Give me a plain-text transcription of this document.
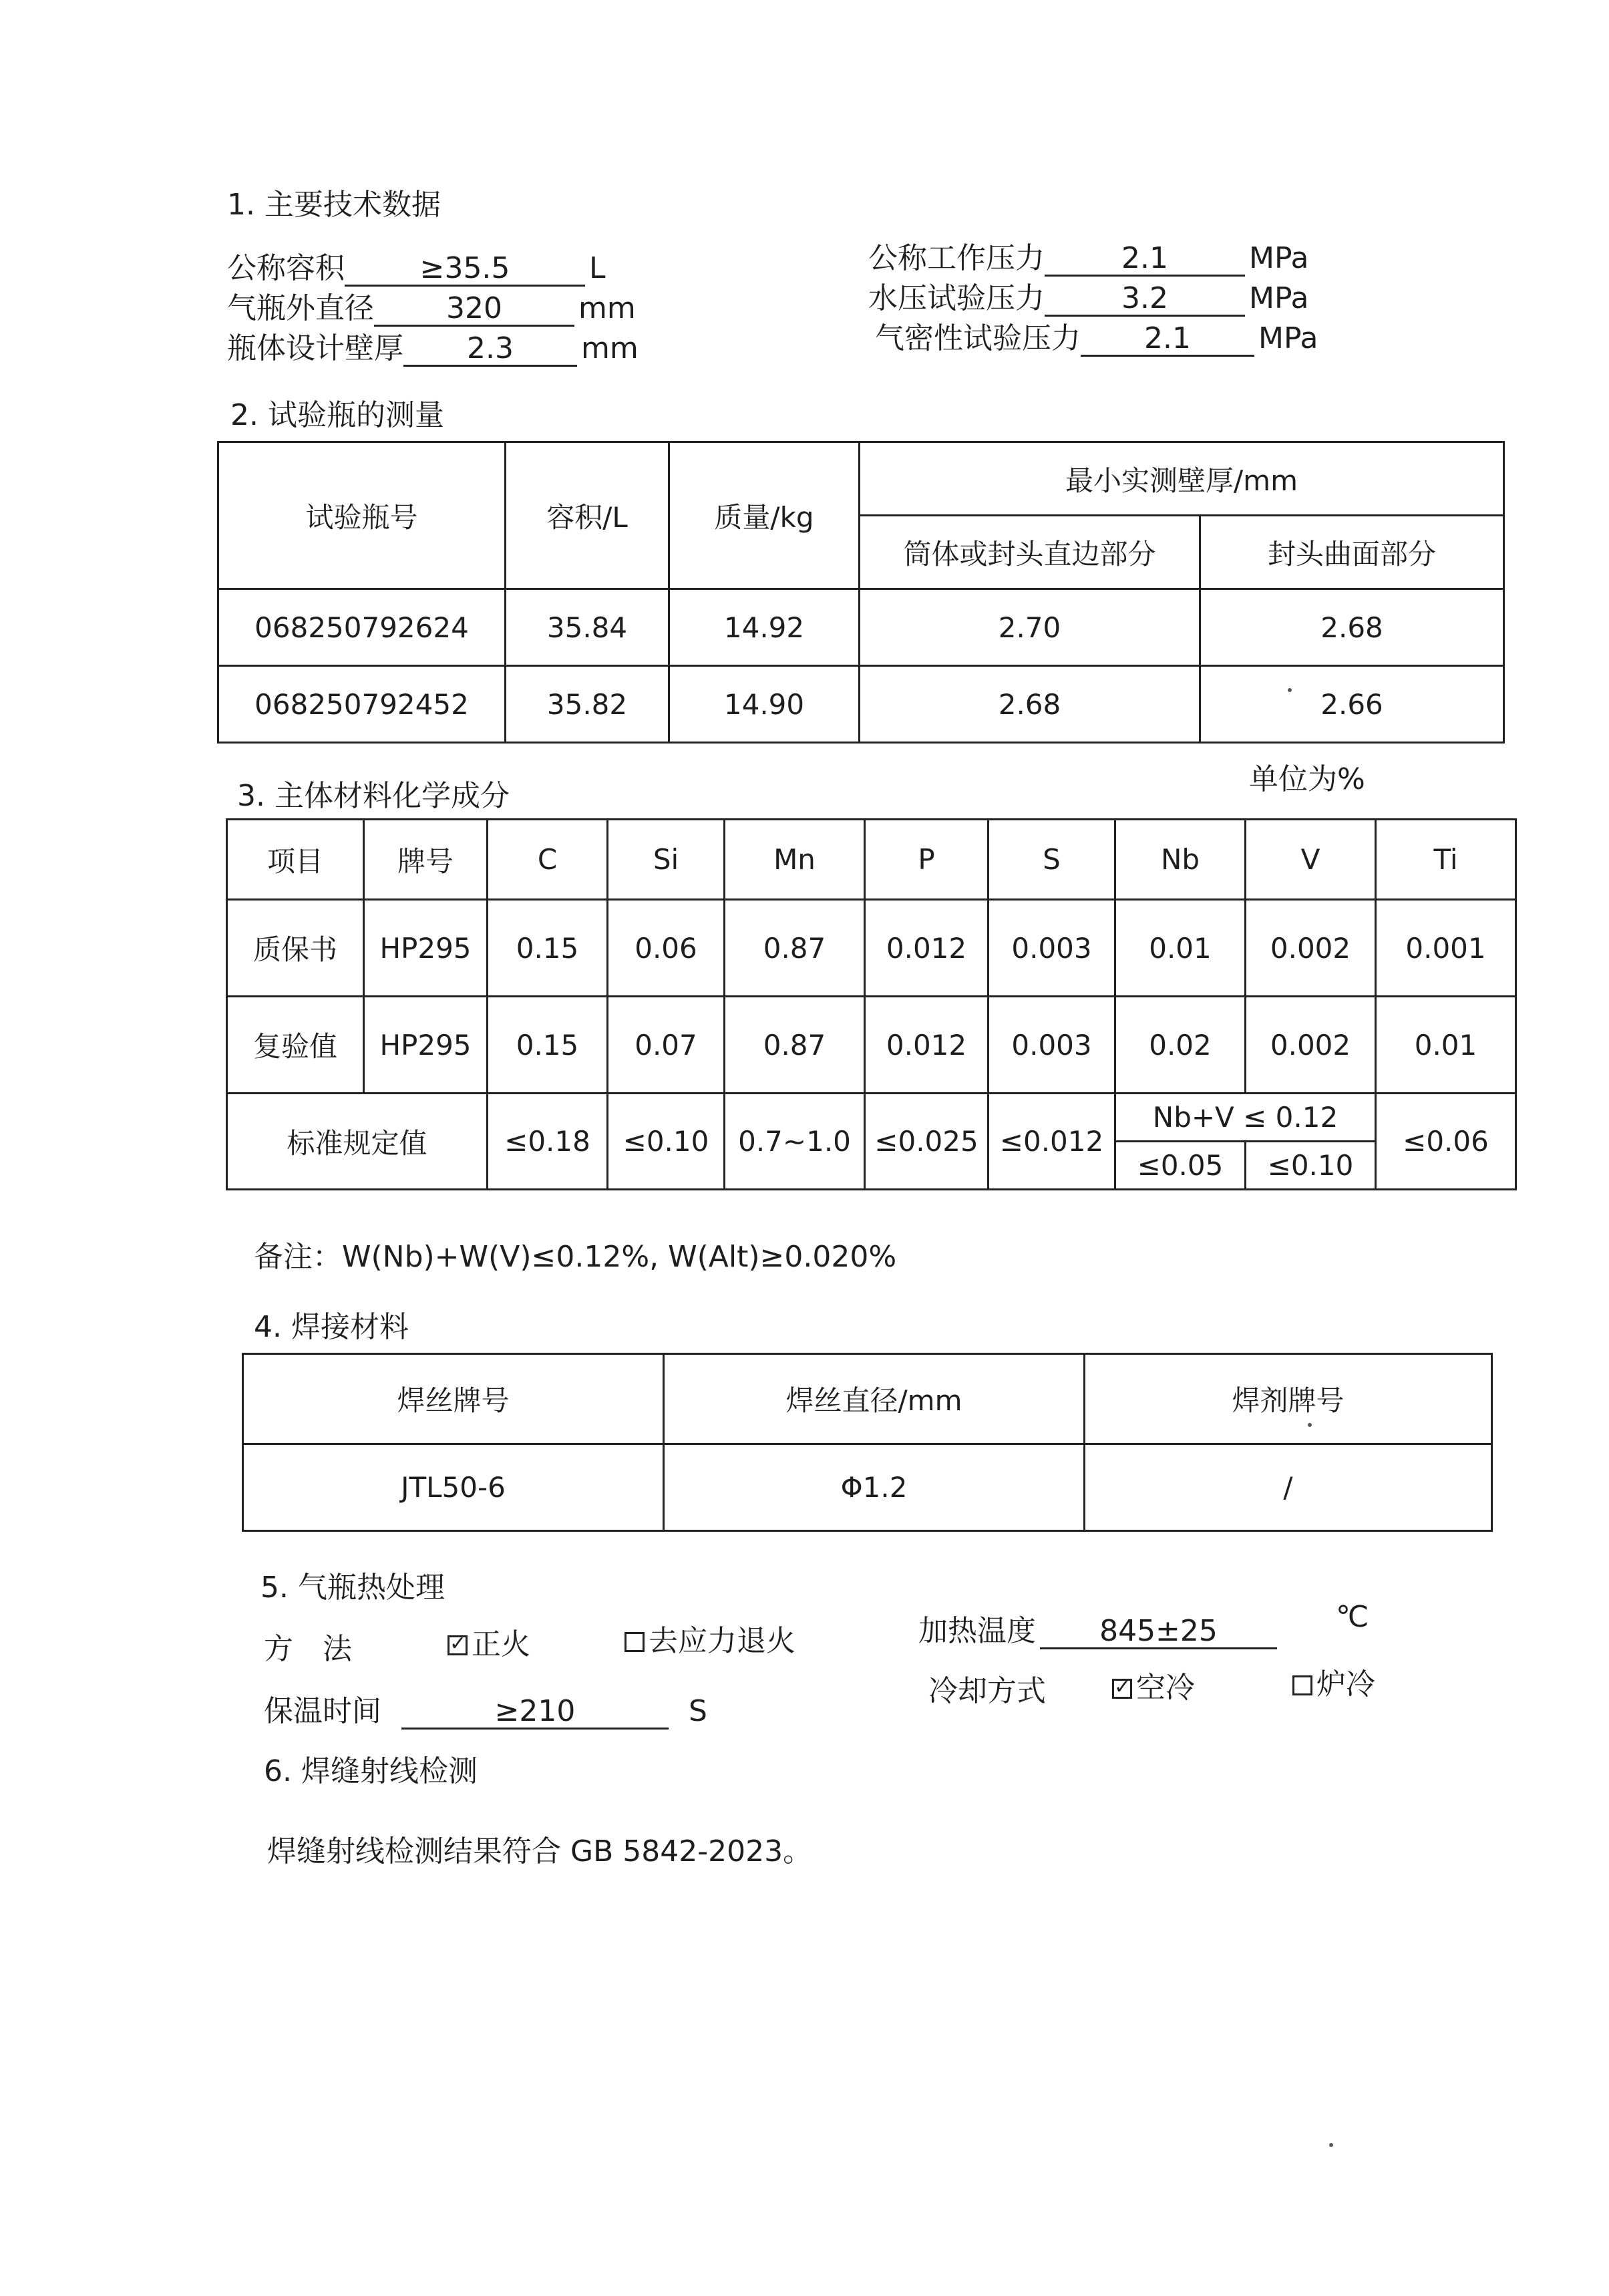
1. 主要技术数据
公称容积	≥35.5	L
气瓶外直径 320	mm
瓶体设计壁厚 2.3 mm
公称工作压力	2.1	MPa
水压试验压力	3.2	MPa
气密性试验压力 2.1 MPa
2. 试验瓶的测量
试验瓶号	容积/L	质量/kg	最小实测壁厚/mm	
			筒体或封头直边部分	封头曲面部分
068250792624	35.84	14.92	2.70	2.68
068250792452	35.82	14.90	2.68	2.66
3. 主体材料化学成分	单位为%
项目	牌号	C	Si	Mn	P	S	Nb	V	Ti
质保书	HP295	0.15	0.06	0.87	0.012	0.003	0.01	0.002	0.001
复验值	HP295	0.15	0.07	0.87	0.012	0.003	0.02	0.002	0.01
标准规定值		≤0.18	≤0.10	0.7~1.0	≤0.025	≤0.012	Nb+V ≤ 0.12		≤0.06
							≤0.05	≤0.10	
备注：W(Nb)+W(V)≤0.12%, W(Alt)≥0.020%
4. 焊接材料
焊丝牌号	焊丝直径/mm	焊剂牌号
JTL50-6	Φ1.2	/
5. 气瓶热处理
方　法 ✓	正火	去应力退火	加热温度 845±25	℃
保温时间	≥210	S
冷却方式 ✓	空冷	炉冷
6. 焊缝射线检测
焊缝射线检测结果符合 GB 5842-2023。
